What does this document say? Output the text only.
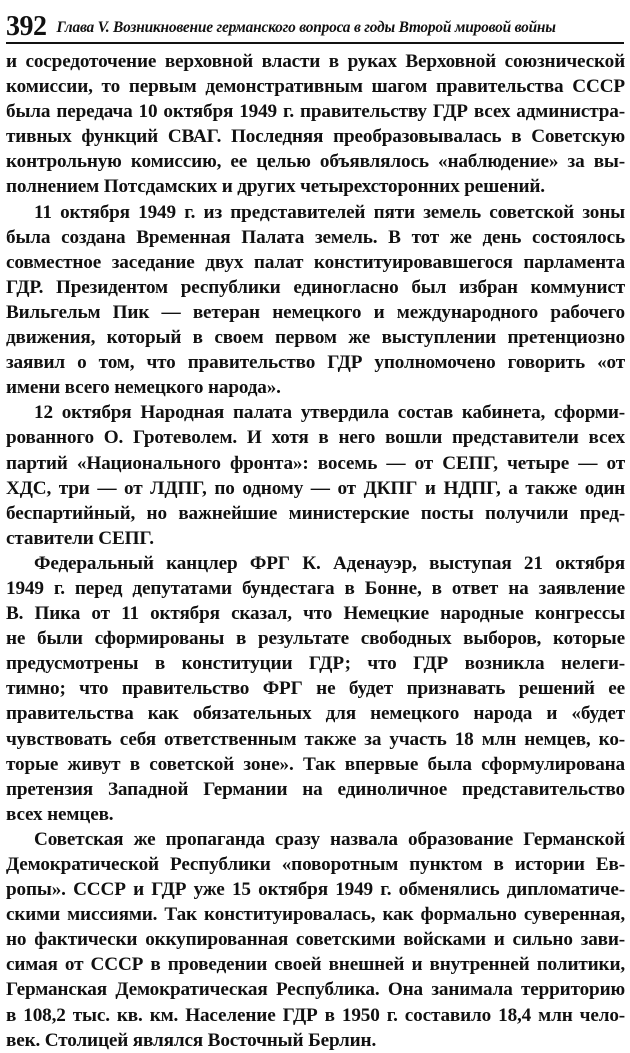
392 Глава V. Возникновение германского вопроса в годы Второй мировой войны
и сосредоточение верховной власти в руках Верховной союзнической
комиссии, то первым демонстративным шагом правительства СССР
была передача 10 октября 1949 г. правительству ГДР всех администра-
тивных функций СВАГ. Последняя преобразовывалась в Советскую
контрольную комиссию, ее целью объявлялось «наблюдение» за вы-
полнением Потсдамских и других четырехсторонних решений.
11 октября 1949 г. из представителей пяти земель советской зоны
была создана Временная Палата земель. В тот же день состоялось
совместное заседание двух палат конституировавшегося парламента
ГДР. Президентом республики единогласно был избран коммунист
Вильгельм Пик — ветеран немецкого и международного рабочего
движения, который в своем первом же выступлении претенциозно
заявил о том, что правительство ГДР уполномочено говорить «от
имени всего немецкого народа».
12 октября Народная палата утвердила состав кабинета, сформи-
рованного О. Гротеволем. И хотя в него вошли представители всех
партий «Национального фронта»: восемь — от СЕПГ, четыре — от
ХДС, три — от ЛДПГ, по одному — от ДКПГ и НДПГ, а также один
беспартийный, но важнейшие министерские посты получили пред-
ставители СЕПГ.
Федеральный канцлер ФРГ К. Аденауэр, выступая 21 октября
1949 г. перед депутатами бундестага в Бонне, в ответ на заявление
В. Пика от 11 октября сказал, что Немецкие народные конгрессы
не были сформированы в результате свободных выборов, которые
предусмотрены в конституции ГДР; что ГДР возникла нелеги-
тимно; что правительство ФРГ не будет признавать решений ее
правительства как обязательных для немецкого народа и «будет
чувствовать себя ответственным также за участь 18 млн немцев, ко-
торые живут в советской зоне». Так впервые была сформулирована
претензия Западной Германии на единоличное представительство
всех немцев.
Советская же пропаганда сразу назвала образование Германской
Демократической Республики «поворотным пунктом в истории Ев-
ропы». СССР и ГДР уже 15 октября 1949 г. обменялись дипломатиче-
скими миссиями. Так конституировалась, как формально суверенная,
но фактически оккупированная советскими войсками и сильно зави-
симая от СССР в проведении своей внешней и внутренней политики,
Германская Демократическая Республика. Она занимала территорию
в 108,2 тыс. кв. км. Население ГДР в 1950 г. составило 18,4 млн чело-
век. Столицей являлся Восточный Берлин.
